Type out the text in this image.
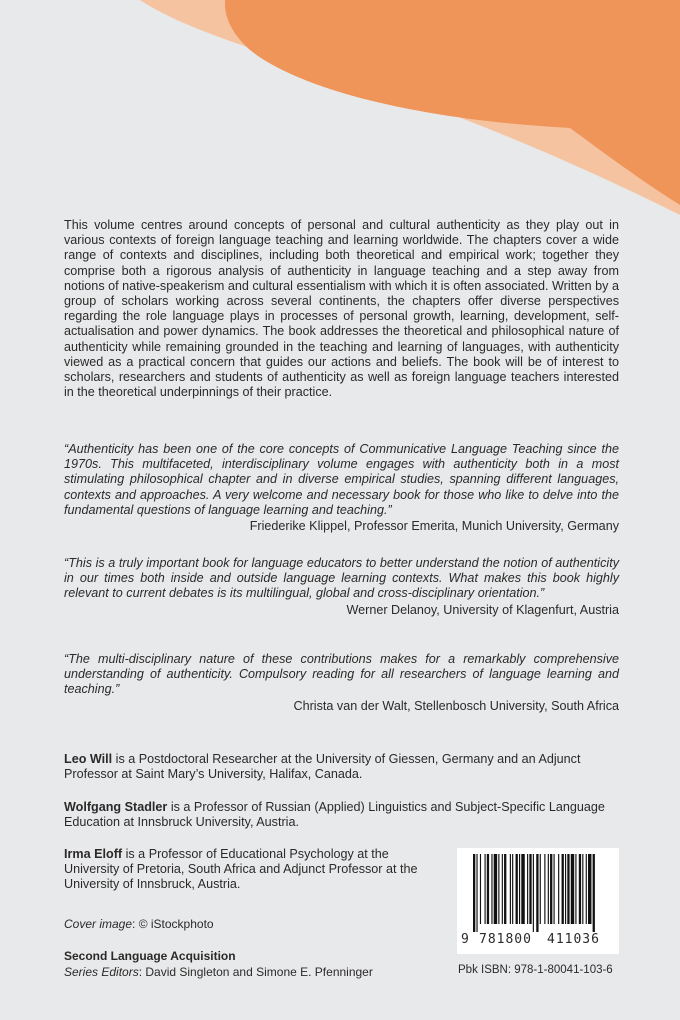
This volume centres around concepts of personal and cultural authenticity as they play out in various contexts of foreign language teaching and learning worldwide. The chapters cover a wide range of contexts and disciplines, including both theoretical and empirical work; together they comprise both a rigorous analysis of authenticity in language teaching and a step away from notions of native-speakerism and cultural essentialism with which it is often associated. Written by a group of scholars working across several continents, the chapters offer diverse perspectives regarding the role language plays in processes of personal growth, learning, development, self-actualisation and power dynamics. The book addresses the theoretical and philosophical nature of authenticity while remaining grounded in the teaching and learning of languages, with authenticity viewed as a practical concern that guides our actions and beliefs. The book will be of interest to scholars, researchers and students of authenticity as well as foreign language teachers interested in the theoretical underpinnings of their practice.
“Authenticity has been one of the core concepts of Communicative Language Teaching since the 1970s. This multifaceted, interdisciplinary volume engages with authenticity both in a most stimulating philosophical chapter and in diverse empirical studies, spanning different languages, contexts and approaches. A very welcome and necessary book for those who like to delve into the fundamental questions of language learning and teaching.”
Friederike Klippel, Professor Emerita, Munich University, Germany
“This is a truly important book for language educators to better understand the notion of authenticity in our times both inside and outside language learning contexts. What makes this book highly relevant to current debates is its multilingual, global and cross-disciplinary orientation.”
Werner Delanoy, University of Klagenfurt, Austria
“The multi-disciplinary nature of these contributions makes for a remarkably comprehensive understanding of authenticity. Compulsory reading for all researchers of language learning and teaching.”
Christa van der Walt, Stellenbosch University, South Africa
Leo Will is a Postdoctoral Researcher at the University of Giessen, Germany and an Adjunct Professor at Saint Mary’s University, Halifax, Canada.
Wolfgang Stadler is a Professor of Russian (Applied) Linguistics and Subject-Specific Language Education at Innsbruck University, Austria.
Irma Eloff is a Professor of Educational Psychology at the University of Pretoria, South Africa and Adjunct Professor at the University of Innsbruck, Austria.
Cover image: © iStockphoto
Second Language Acquisition
Series Editors: David Singleton and Simone E. Pfenninger
9 781800 411036
Pbk ISBN: 978-1-80041-103-6
